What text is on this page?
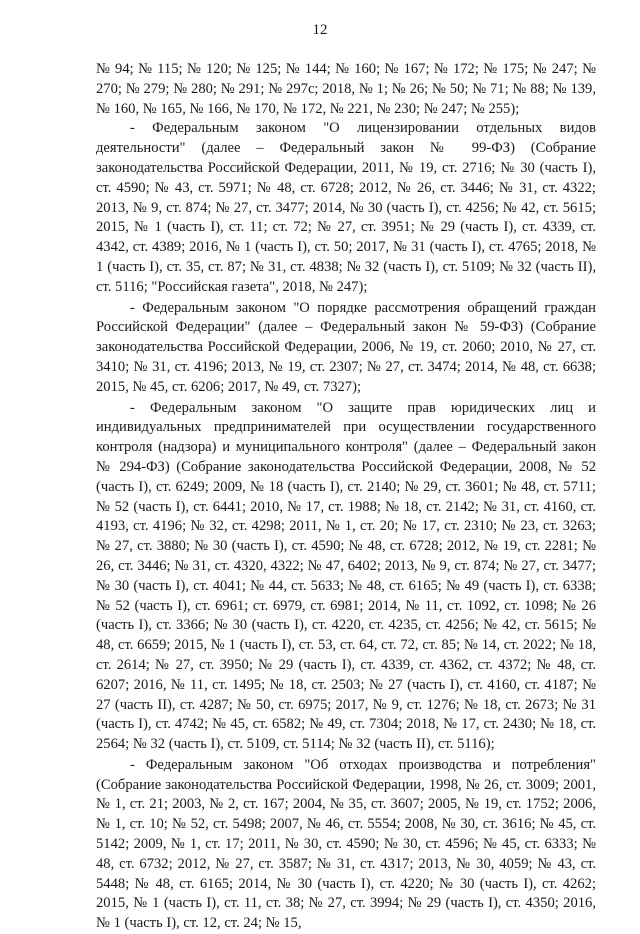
12

№ 94; № 115; № 120; № 125; № 144; № 160; № 167; № 172; № 175; № 247; № 270; № 279; № 280; № 291; № 297с; 2018, № 1; № 26; № 50; № 71; № 88; № 139, № 160, № 165, № 166, № 170, № 172, № 221, № 230; № 247; № 255);

- Федеральным законом "О лицензировании отдельных видов деятельности" (далее – Федеральный закон № 99-ФЗ) (Собрание законодательства Российской Федерации, 2011, № 19, ст. 2716; № 30 (часть I), ст. 4590; № 43, ст. 5971; № 48, ст. 6728; 2012, № 26, ст. 3446; № 31, ст. 4322; 2013, № 9, ст. 874; № 27, ст. 3477; 2014, № 30 (часть I), ст. 4256; № 42, ст. 5615; 2015, № 1 (часть I), ст. 11; ст. 72; № 27, ст. 3951; № 29 (часть I), ст. 4339, ст. 4342, ст. 4389; 2016, № 1 (часть I), ст. 50; 2017, № 31 (часть I), ст. 4765; 2018, № 1 (часть I), ст. 35, ст. 87; № 31, ст. 4838; № 32 (часть I), ст. 5109; № 32 (часть II), ст. 5116; "Российская газета", 2018, № 247);

- Федеральным законом "О порядке рассмотрения обращений граждан Российской Федерации" (далее – Федеральный закон № 59-ФЗ) (Собрание законодательства Российской Федерации, 2006, № 19, ст. 2060; 2010, № 27, ст. 3410; № 31, ст. 4196; 2013, № 19, ст. 2307; № 27, ст. 3474; 2014, № 48, ст. 6638; 2015, № 45, ст. 6206; 2017, № 49, ст. 7327);

- Федеральным законом "О защите прав юридических лиц и индивидуальных предпринимателей при осуществлении государственного контроля (надзора) и муниципального контроля" (далее – Федеральный закон № 294-ФЗ) (Собрание законодательства Российской Федерации, 2008, № 52 (часть I), ст. 6249; 2009, № 18 (часть I), ст. 2140; № 29, ст. 3601; № 48, ст. 5711; № 52 (часть I), ст. 6441; 2010, № 17, ст. 1988; № 18, ст. 2142; № 31, ст. 4160, ст. 4193, ст. 4196; № 32, ст. 4298; 2011, № 1, ст. 20; № 17, ст. 2310; № 23, ст. 3263; № 27, ст. 3880; № 30 (часть I), ст. 4590; № 48, ст. 6728; 2012, № 19, ст. 2281; № 26, ст. 3446; № 31, ст. 4320, 4322; № 47, 6402; 2013, № 9, ст. 874; № 27, ст. 3477; № 30 (часть I), ст. 4041; № 44, ст. 5633; № 48, ст. 6165; № 49 (часть I), ст. 6338; № 52 (часть I), ст. 6961; ст. 6979, ст. 6981; 2014, № 11, ст. 1092, ст. 1098; № 26 (часть I), ст. 3366; № 30 (часть I), ст. 4220, ст. 4235, ст. 4256; № 42, ст. 5615; № 48, ст. 6659; 2015, № 1 (часть I), ст. 53, ст. 64, ст. 72, ст. 85; № 14, ст. 2022; № 18, ст. 2614; № 27, ст. 3950; № 29 (часть I), ст. 4339, ст. 4362, ст. 4372; № 48, ст. 6207; 2016, № 11, ст. 1495; № 18, ст. 2503; № 27 (часть I), ст. 4160, ст. 4187; № 27 (часть II), ст. 4287; № 50, ст. 6975; 2017, № 9, ст. 1276; № 18, ст. 2673; № 31 (часть I), ст. 4742; № 45, ст. 6582; № 49, ст. 7304; 2018, № 17, ст. 2430; № 18, ст. 2564; № 32 (часть I), ст. 5109, ст. 5114; № 32 (часть II), ст. 5116);

- Федеральным законом "Об отходах производства и потребления" (Собрание законодательства Российской Федерации, 1998, № 26, ст. 3009; 2001, № 1, ст. 21; 2003, № 2, ст. 167; 2004, № 35, ст. 3607; 2005, № 19, ст. 1752; 2006, № 1, ст. 10; № 52, ст. 5498; 2007, № 46, ст. 5554; 2008, № 30, ст. 3616; № 45, ст. 5142; 2009, № 1, ст. 17; 2011, № 30, ст. 4590; № 30, ст. 4596; № 45, ст. 6333; № 48, ст. 6732; 2012, № 27, ст. 3587; № 31, ст. 4317; 2013, № 30, 4059; № 43, ст. 5448; № 48, ст. 6165; 2014, № 30 (часть I), ст. 4220; № 30 (часть I), ст. 4262; 2015, № 1 (часть I), ст. 11, ст. 38; № 27, ст. 3994; № 29 (часть I), ст. 4350; 2016, № 1 (часть I), ст. 12, ст. 24; № 15,
